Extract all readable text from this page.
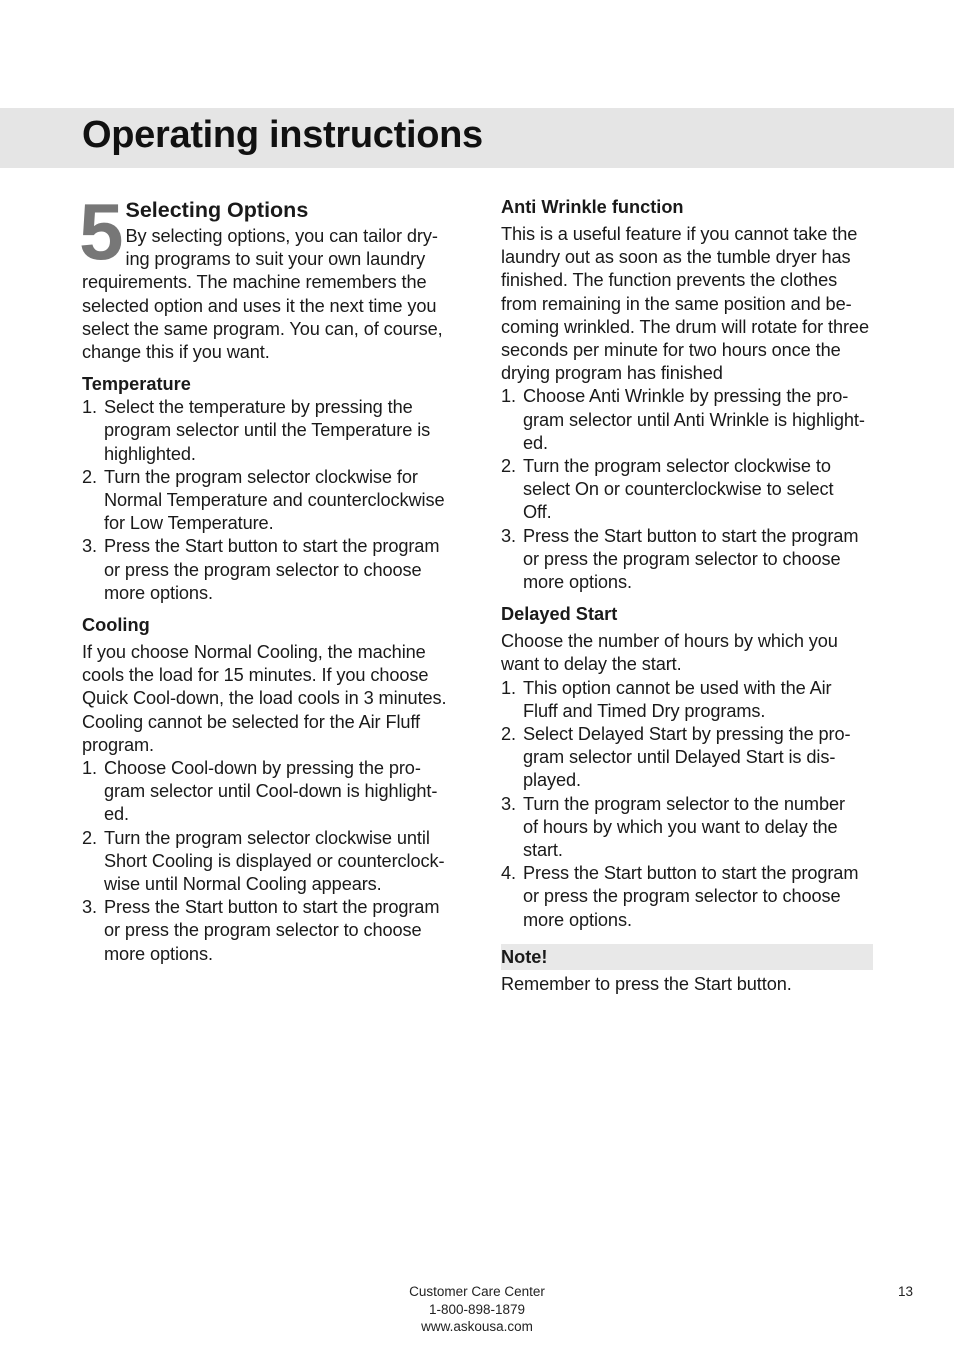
Operating instructions
5 Selecting Options

By selecting options, you can tailor dry-
ing programs to suit your own laundry
requirements. The machine remembers the
selected option and uses it the next time you
select the same program. You can, of course,
change this if you want.

Temperature
1. Select the temperature by pressing the
program selector until the Temperature is
highlighted.
2. Turn the program selector clockwise for
Normal Temperature and counterclockwise
for Low Temperature.
3. Press the Start button to start the program
or press the program selector to choose
more options.
Cooling

If you choose Normal Cooling, the machine
cools the load for 15 minutes. If you choose
Quick Cool-down, the load cools in 3 minutes.
Cooling cannot be selected for the Air Fluff
program.

1. Choose Cool-down by pressing the pro-
gram selector until Cool-down is highlight-
ed.
2. Turn the program selector clockwise until
Short Cooling is displayed or counterclock-
wise until Normal Cooling appears.
3. Press the Start button to start the program
or press the program selector to choose
more options.
Anti Wrinkle function

This is a useful feature if you cannot take the
laundry out as soon as the tumble dryer has
finished. The function prevents the clothes
from remaining in the same position and be-
coming wrinkled. The drum will rotate for three
seconds per minute for two hours once the
drying program has finished

1. Choose Anti Wrinkle by pressing the pro-
gram selector until Anti Wrinkle is highlight-
ed.
2. Turn the program selector clockwise to
select On or counterclockwise to select
Off.
3. Press the Start button to start the program
or press the program selector to choose
more options.
Delayed Start

Choose the number of hours by which you
want to delay the start.

1. This option cannot be used with the Air
Fluff and Timed Dry programs.
2. Select Delayed Start by pressing the pro-
gram selector until Delayed Start is dis-
played.
3. Turn the program selector to the number
of hours by which you want to delay the
start.
4. Press the Start button to start the program
or press the program selector to choose
more options.
Note!

Remember to press the Start button.

Customer Care Center
1-800-898-1879
www.askousa.com
13
